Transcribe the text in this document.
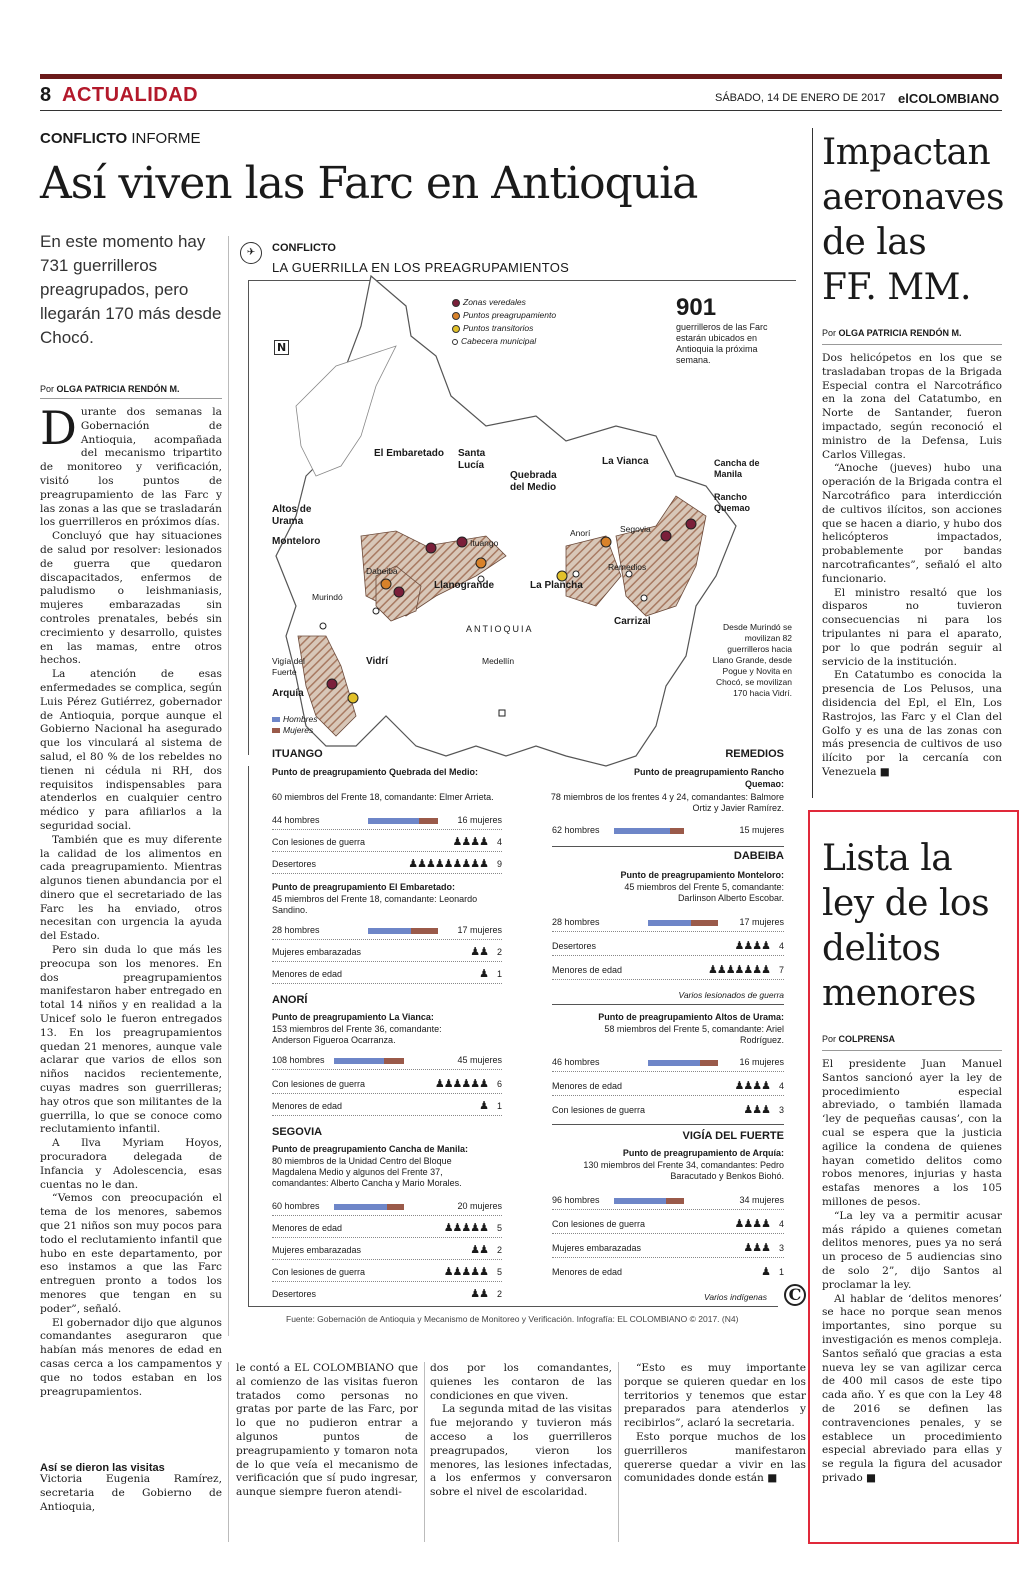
8 ACTUALIDAD	SÁBADO, 14 DE ENERO DE 2017 elCOLOMBIANO
CONFLICTO INFORME
Así viven las Farc en Antioquia
En este momento hay 731 guerrilleros preagrupados, pero llegarán 170 más desde Chocó.
Por OLGA PATRICIA RENDÓN M.

Durante dos semanas la Gobernación de Antioquia, acompañada del mecanismo tripartito de monitoreo y verificación, visitó los puntos de preagrupamiento de las Farc y las zonas a las que se trasladarán los guerrilleros en próximos días.

Concluyó que hay situaciones de salud por resolver: lesionados de guerra que quedaron discapacitados, enfermos de paludismo o leishmaniasis, mujeres embarazadas sin controles prenatales, bebés sin crecimiento y desarrollo, quistes en las mamas, entre otros hechos.

La atención de esas enfermedades se complica, según Luis Pérez Gutiérrez, gobernador de Antioquia, porque aunque el Gobierno Nacional ha asegurado que los vinculará al sistema de salud, el 80 % de los rebeldes no tienen ni cédula ni RH, dos requisitos indispensables para atenderlos en cualquier centro médico y para afiliarlos a la seguridad social.

También que es muy diferente la calidad de los alimentos en cada preagrupamiento. Mientras algunos tienen abundancia por el dinero que el secretariado de las Farc les ha enviado, otros necesitan con urgencia la ayuda del Estado.

Pero sin duda lo que más les preocupa son los menores. En dos preagrupamientos manifestaron haber entregado en total 14 niños y en realidad a la Unicef solo le fueron entregados 13. En los preagrupamientos quedan 21 menores, aunque vale aclarar que varios de ellos son niños nacidos recientemente, cuyas madres son guerrilleras; hay otros que son militantes de la guerrilla, lo que se conoce como reclutamiento infantil.

A Ilva Myriam Hoyos, procuradora delegada de Infancia y Adolescencia, esas cuentas no le dan.

“Vemos con preocupación el tema de los menores, sabemos que 21 niños son muy pocos para todo el reclutamiento infantil que hubo en este departamento, por eso instamos a que las Farc entreguen pronto a todos los menores que tengan en su poder”, señaló.

El gobernador dijo que algunos comandantes aseguraron que habían más menores de edad en casas cerca a los campamentos y que no todos estaban en los preagrupamientos.

Así se dieron las visitas

Victoria Eugenia Ramírez, secretaria de Gobierno de Antioquia,

le contó a EL COLOMBIANO que al comienzo de las visitas fueron tratados como personas no gratas por parte de las Farc, por lo que no pudieron entrar a algunos puntos de preagrupamiento y tomaron nota de lo que veía el mecanismo de verificación que sí pudo ingresar, aunque siempre fueron atendi-

dos por los comandantes, quienes les contaron de las condiciones en que viven.

La segunda mitad de las visitas fue mejorando y tuvieron más acceso a los guerrilleros preagrupados, vieron los menores, las lesiones infectadas, a los enfermos y conversaron sobre el nivel de escolaridad.

“Esto es muy importante porque se quieren quedar en los territorios y tenemos que estar preparados para atenderlos y recibirlos”, aclaró la secretaria.

Esto porque muchos de los guerrilleros manifestaron quererse quedar a vivir en las comunidades donde están ■

✈	CONFLICTO
LA GUERRILLA EN LOS PREAGRUPAMIENTOS
Zonas veredales
Puntos preagrupamiento
Puntos transitorios
Cabecera municipal
901
guerrilleros de las Farc estarán ubicados en Antioquia la próxima semana.
N
El Embaretado Santa Lucía
Quebrada del Medio
La Vianca	Cancha de Manila
Rancho Quemao
Altos de Urama
Monteloro
Dabeiba
Ituango
Anorí	Segovia
Remedios
Llanogrande	La Plancha
Carrizal
Murindó
ANTIOQUIA
Vigía del Fuerte
Vidrí
Arquía
Medellín
Desde Murindó se movilizan 82 guerrilleros hacia Llano Grande, desde Pogue y Novita en Chocó, se movilizan 170 hacia Vidrí.
Hombres
Mujeres
ITUANGO
Punto de preagrupamiento Quebrada del Medio:
60 miembros del Frente 18, comandante: Elmer Arrieta.
44 hombres	16 mujeres
Con lesiones de guerra	♟♟♟♟ 4
Desertores	♟♟♟♟♟♟♟♟♟ 9
Punto de preagrupamiento El Embaretado:
45 miembros del Frente 18, comandante: Leonardo Sandino.
28 hombres	17 mujeres
Mujeres embarazadas	♟♟ 2
Menores de edad	♟ 1
ANORÍ
Punto de preagrupamiento La Vianca:
153 miembros del Frente 36, comandante: Anderson Figueroa Ocarranza.
108 hombres	45 mujeres
Con lesiones de guerra	♟♟♟♟♟♟ 6
Menores de edad	♟ 1
SEGOVIA
Punto de preagrupamiento Cancha de Manila:
80 miembros de la Unidad Centro del Bloque Magdalena Medio y algunos del Frente 37, comandantes: Alberto Cancha y Mario Morales.
60 hombres	20 mujeres
Menores de edad	♟♟♟♟♟ 5
Mujeres embarazadas	♟♟ 2
Con lesiones de guerra	♟♟♟♟♟ 5
Desertores	♟♟ 2
REMEDIOS
Punto de preagrupamiento Rancho Quemao:
78 miembros de los frentes 4 y 24, comandantes: Balmore Ortiz y Javier Ramírez.
62 hombres	15 mujeres
DABEIBA
Punto de preagrupamiento Monteloro:
45 miembros del Frente 5, comandante: Darlinson Alberto Escobar.
28 hombres	17 mujeres
Desertores	♟♟♟♟ 4
Menores de edad	♟♟♟♟♟♟♟ 7
Varios lesionados de guerra
Punto de preagrupamiento Altos de Urama:
58 miembros del Frente 5, comandante: Ariel Rodríguez.
46 hombres	16 mujeres
Menores de edad	♟♟♟♟ 4
Con lesiones de guerra	♟♟♟ 3
VIGÍA DEL FUERTE
Punto de preagrupamiento de Arquía:
130 miembros del Frente 34, comandantes: Pedro Baracutado y Benkos Biohó.
96 hombres	34 mujeres
Con lesiones de guerra	♟♟♟♟ 4
Mujeres embarazadas	♟♟♟ 3
Menores de edad	♟ 1
Varios indígenas C
Fuente: Gobernación de Antioquia y Mecanismo de Monitoreo y Verificación. Infografía: EL COLOMBIANO © 2017. (N4)
Impactan
aeronaves
de las
FF. MM.
Por OLGA PATRICIA RENDÓN M.

Dos helicópetos en los que se trasladaban tropas de la Brigada Especial contra el Narcotráfico en la zona del Catatumbo, en Norte de Santander, fueron impactado, según reconoció el ministro de la Defensa, Luis Carlos Villegas.

“Anoche (jueves) hubo una operación de la Brigada contra el Narcotráfico para interdicción de cultivos ilícitos, son acciones que se hacen a diario, y hubo dos helicópteros impactados, probablemente por bandas narcotraficantes”, señaló el alto funcionario.

El ministro resaltó que los disparos no tuvieron consecuencias ni para los tripulantes ni para el aparato, por lo que podrán seguir al servicio de la institución.

En Catatumbo es conocida la presencia de Los Pelusos, una disidencia del Epl, el Eln, Los Rastrojos, las Farc y el Clan del Golfo y es una de las zonas con más presencia de cultivos de uso ilícito por la cercanía con Venezuela ■

Lista la
ley de los
delitos
menores
Por COLPRENSA

El presidente Juan Manuel Santos sancionó ayer la ley de procedimiento especial abreviado, o también llamada ‘ley de pequeñas causas’, con la cual se espera que la justicia agilice la condena de quienes hayan cometido delitos como robos menores, injurias y hasta estafas menores a los 105 millones de pesos.

“La ley va a permitir acusar más rápido a quienes cometan delitos menores, pues ya no será un proceso de 5 audiencias sino de solo 2”, dijo Santos al proclamar la ley.

Al hablar de ‘delitos menores’ se hace no porque sean menos importantes, sino porque su investigación es menos compleja. Santos señaló que gracias a esta nueva ley se van agilizar cerca de 400 mil casos de este tipo cada año. Y es que con la Ley 48 de 2016 se definen las contravenciones penales, y se establece un procedimiento especial abreviado para ellas y se regula la figura del acusador privado ■
